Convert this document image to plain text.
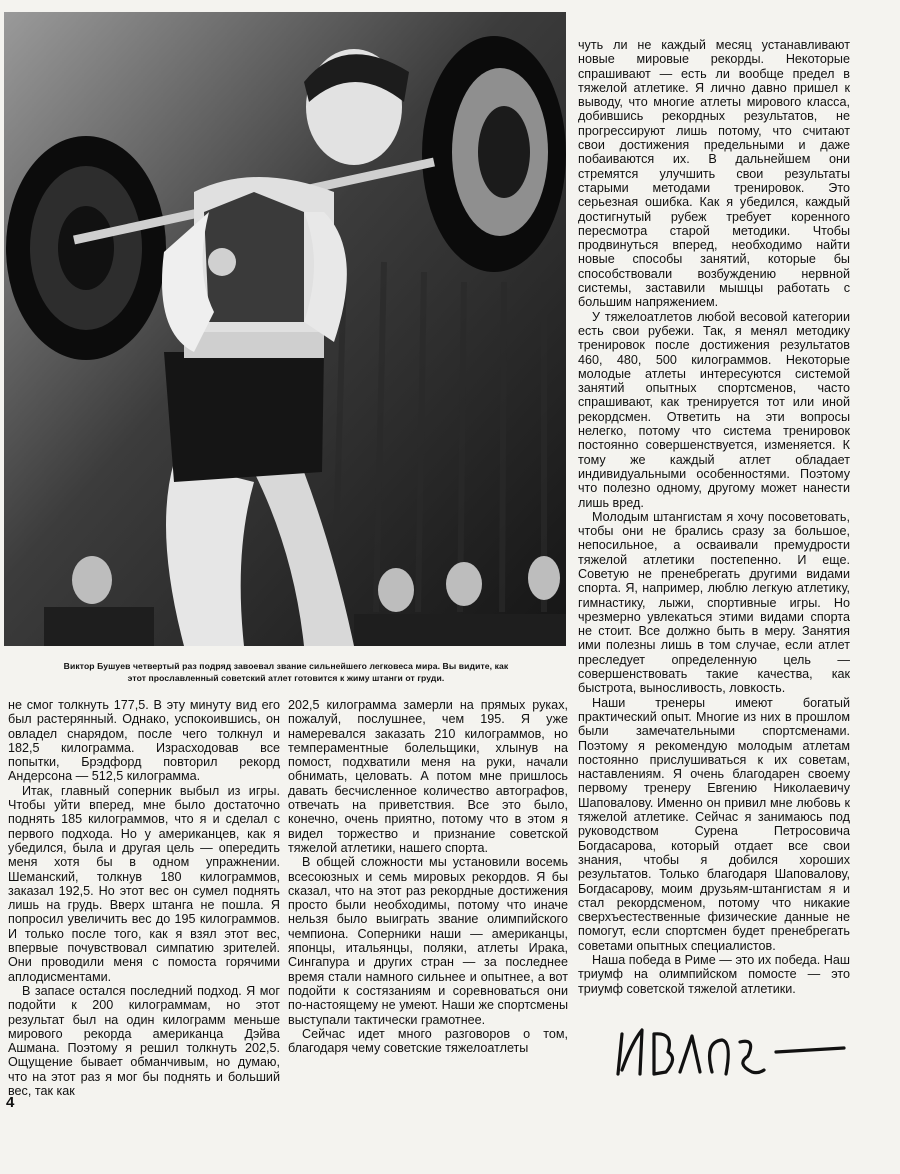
Виктор Бушуев четвертый раз подряд завоевал звание сильнейшего легковеса мира. Вы видите, как
этот прославленный советский атлет готовится к жиму штанги от груди.

не смог толкнуть 177,5. В эту минуту вид его был растерянный. Однако, успокоившись, он овладел снарядом, после чего толкнул и 182,5 килограмма. Израсходовав все попытки, Брэдфорд повторил рекорд Андерсона — 512,5 килограмма.

Итак, главный соперник выбыл из игры. Чтобы уйти вперед, мне было достаточно поднять 185 килограммов, что я и сделал с первого подхода. Но у американцев, как я убедился, была и другая цель — опередить меня хотя бы в одном упражнении. Шеманский, толкнув 180 килограммов, заказал 192,5. Но этот вес он сумел поднять лишь на грудь. Вверх штанга не пошла. Я попросил увеличить вес до 195 килограммов. И только после того, как я взял этот вес, впервые почувствовал симпатию зрителей. Они проводили меня с помоста горячими аплодисментами.

В запасе остался последний подход. Я мог подойти к 200 килограммам, но этот результат был на один килограмм меньше мирового рекорда американца Дэйва Ашмана. Поэтому я решил толкнуть 202,5. Ощущение бывает обманчивым, но думаю, что на этот раз я мог бы поднять и больший вес, так как

202,5 килограмма замерли на прямых руках, пожалуй, послушнее, чем 195. Я уже намеревался заказать 210 килограммов, но темпераментные болельщики, хлынув на помост, подхватили меня на руки, начали обнимать, целовать. А потом мне пришлось давать бесчисленное количество автографов, отвечать на приветствия. Все это было, конечно, очень приятно, потому что в этом я видел торжество и признание советской тяжелой атлетики, нашего спорта.

В общей сложности мы установили восемь всесоюзных и семь мировых рекордов. Я бы сказал, что на этот раз рекордные достижения просто были необходимы, потому что иначе нельзя было выиграть звание олимпийского чемпиона. Соперники наши — американцы, японцы, итальянцы, поляки, атлеты Ирака, Сингапура и других стран — за последнее время стали намного сильнее и опытнее, а вот подойти к состязаниям и соревноваться они по-настоящему не умеют. Наши же спортсмены выступали тактически грамотнее.

Сейчас идет много разговоров о том, благодаря чему советские тяжелоатлеты

чуть ли не каждый месяц устанавливают новые мировые рекорды. Некоторые спрашивают — есть ли вообще предел в тяжелой атлетике. Я лично давно пришел к выводу, что многие атлеты мирового класса, добившись рекордных результатов, не прогрессируют лишь потому, что считают свои достижения предельными и даже побаиваются их. В дальнейшем они стремятся улучшить свои результаты старыми методами тренировок. Это серьезная ошибка. Как я убедился, каждый достигнутый рубеж требует коренного пересмотра старой методики. Чтобы продвинуться вперед, необходимо найти новые способы занятий, которые бы способствовали возбуждению нервной системы, заставили мышцы работать с большим напряжением.

У тяжелоатлетов любой весовой категории есть свои рубежи. Так, я менял методику тренировок после достижения результатов 460, 480, 500 килограммов. Некоторые молодые атлеты интересуются системой занятий опытных спортсменов, часто спрашивают, как тренируется тот или иной рекордсмен. Ответить на эти вопросы нелегко, потому что система тренировок постоянно совершенствуется, изменяется. К тому же каждый атлет обладает индивидуальными особенностями. Поэтому что полезно одному, другому может нанести лишь вред.

Молодым штангистам я хочу посоветовать, чтобы они не брались сразу за большое, непосильное, а осваивали премудрости тяжелой атлетики постепенно. И еще. Советую не пренебрегать другими видами спорта. Я, например, люблю легкую атлетику, гимнастику, лыжи, спортивные игры. Но чрезмерно увлекаться этими видами спорта не стоит. Все должно быть в меру. Занятия ими полезны лишь в том случае, если атлет преследует определенную цель — совершенствовать такие качества, как быстрота, выносливость, ловкость.

Наши тренеры имеют богатый практический опыт. Многие из них в прошлом были замечательными спортсменами. Поэтому я рекомендую молодым атлетам постоянно прислушиваться к их советам, наставлениям. Я очень благодарен своему первому тренеру Евгению Николаевичу Шаповалову. Именно он привил мне любовь к тяжелой атлетике. Сейчас я занимаюсь под руководством Сурена Петросовича Богдасарова, который отдает все свои знания, чтобы я добился хороших результатов. Только благодаря Шаповалову, Богдасарову, моим друзьям-штангистам я и стал рекордсменом, потому что никакие сверхъестественные физические данные не помогут, если спортсмен будет пренебрегать советами опытных специалистов.

Наша победа в Риме — это их победа. Наш триумф на олимпийском помосте — это триумф советской тяжелой атлетики.

4
